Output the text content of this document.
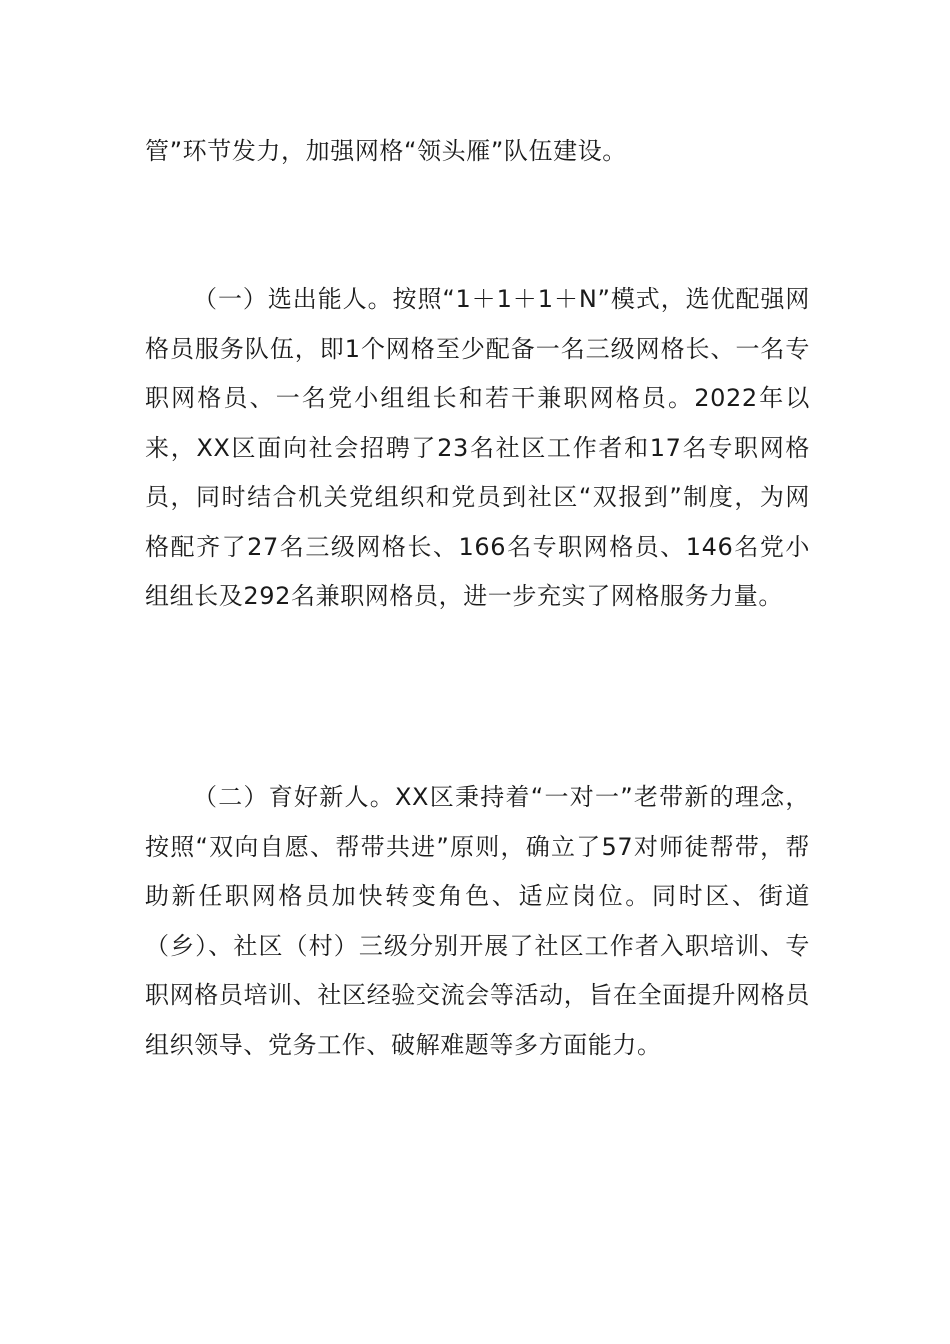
管”环节发力，加强网格“领头雁”队伍建设。

（一）选出能人。按照“1＋1＋1＋N”模式，选优配强网格员服务队伍，即1个网格至少配备一名三级网格长、一名专职网格员、一名党小组组长和若干兼职网格员。2022年以来，XX区面向社会招聘了23名社区工作者和17名专职网格员，同时结合机关党组织和党员到社区“双报到”制度，为网格配齐了27名三级网格长、166名专职网格员、146名党小组组长及292名兼职网格员，进一步充实了网格服务力量。

（二）育好新人。XX区秉持着“一对一”老带新的理念，按照“双向自愿、帮带共进”原则，确立了57对师徒帮带，帮助新任职网格员加快转变角色、适应岗位。同时区、街道（乡）、社区（村）三级分别开展了社区工作者入职培训、专职网格员培训、社区经验交流会等活动，旨在全面提升网格员组织领导、党务工作、破解难题等多方面能力。
